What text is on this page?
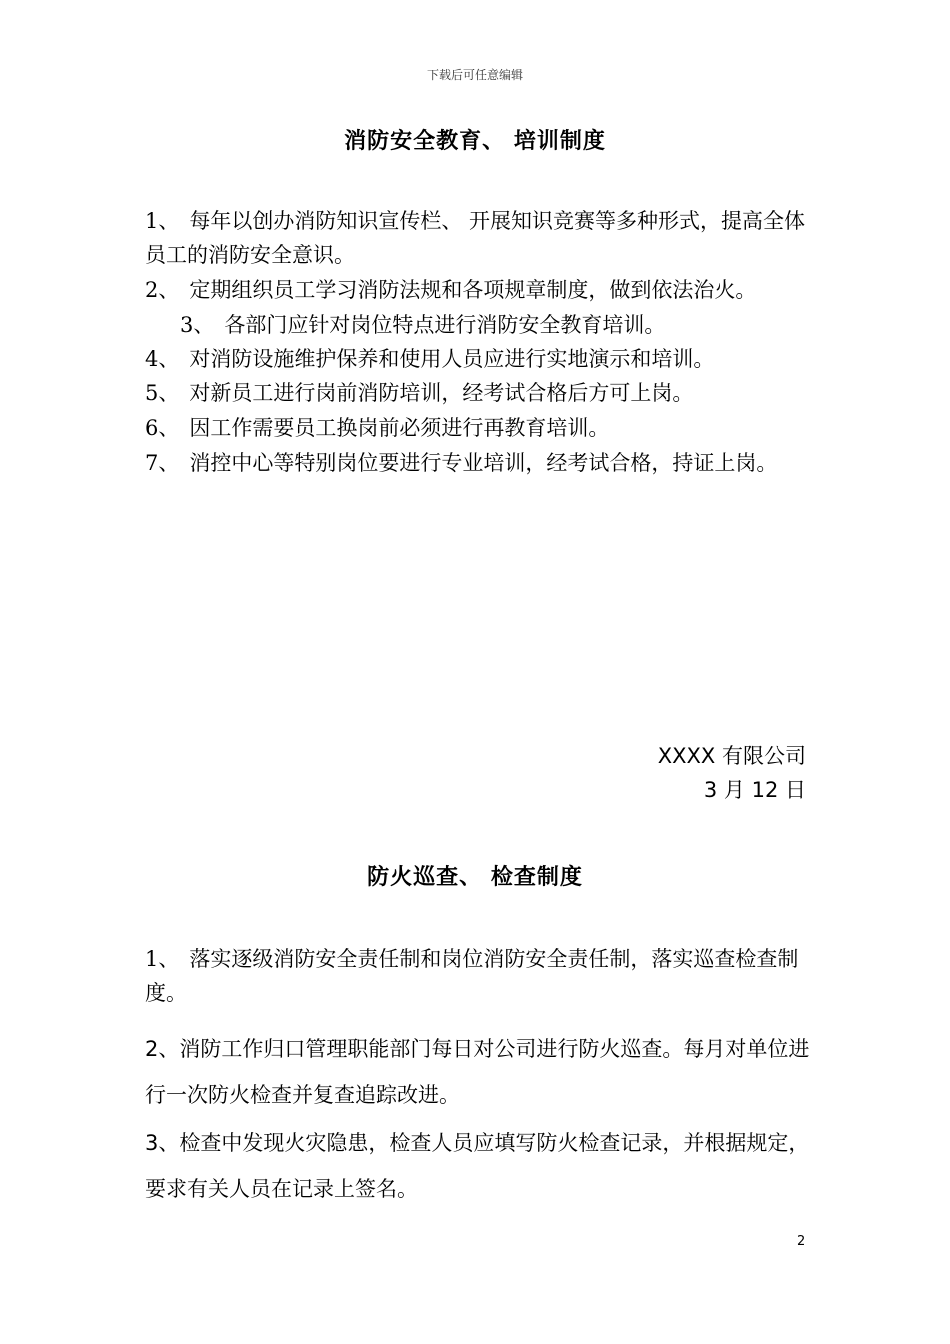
下载后可任意编辑
消防安全教育、 培训制度
1、 每年以创办消防知识宣传栏、 开展知识竞赛等多种形式，提高全体员工的消防安全意识。
2、 定期组织员工学习消防法规和各项规章制度，做到依法治火。
3、 各部门应针对岗位特点进行消防安全教育培训。
4、 对消防设施维护保养和使用人员应进行实地演示和培训。
5、 对新员工进行岗前消防培训，经考试合格后方可上岗。
6、 因工作需要员工换岗前必须进行再教育培训。
7、 消控中心等特别岗位要进行专业培训，经考试合格，持证上岗。
XXXX 有限公司
3 月 12 日
防火巡查、 检查制度
1、 落实逐级消防安全责任制和岗位消防安全责任制，落实巡查检查制度。
2、消防工作归口管理职能部门每日对公司进行防火巡查。每月对单位进行一次防火检查并复查追踪改进。
3、检查中发现火灾隐患，检查人员应填写防火检查记录，并根据规定，要求有关人员在记录上签名。
2
